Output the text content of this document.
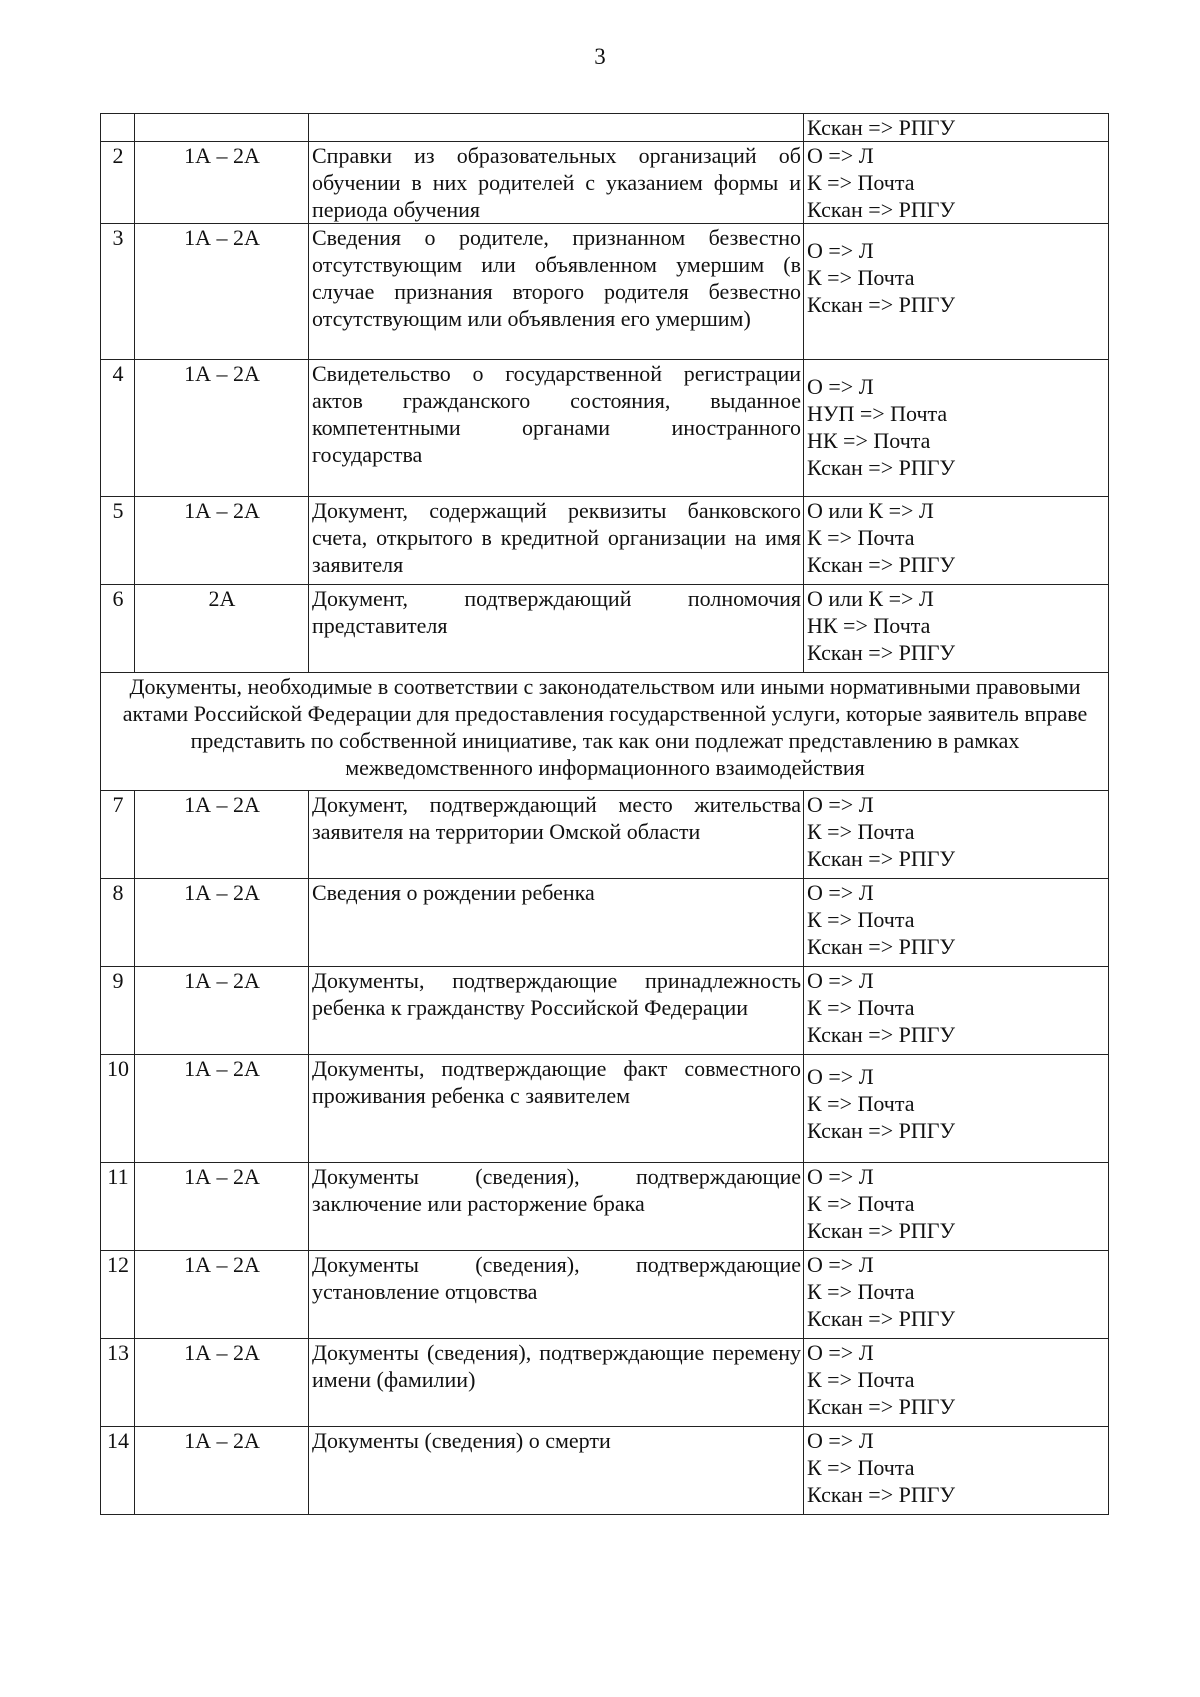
3

			Кскан => РПГУ

2	1А – 2А	Справки из образовательных организаций об обучении в них родителей с указанием формы и периода обучения	О => Л
К => Почта
Кскан => РПГУ

3	1А – 2А	Сведения о родителе, признанном безвестно отсутствующим или объявленном умершим (в случае признания второго родителя безвестно отсутствующим или объявления его умершим)	О => Л
К => Почта
Кскан => РПГУ

4	1А – 2А	Свидетельство о государственной регистрации актов гражданского состояния, выданное компетентными органами иностранного государства	О => Л
НУП => Почта
НК => Почта
Кскан => РПГУ

5	1А – 2А	Документ, содержащий реквизиты банковского счета, открытого в кредитной организации на имя заявителя	О или К => Л
К => Почта
Кскан => РПГУ

6	2А	Документ, подтверждающий полномочия представителя	О или К => Л
НК => Почта
Кскан => РПГУ

Документы, необходимые в соответствии с законодательством или иными нормативными правовыми актами Российской Федерации для предоставления государственной услуги, которые заявитель вправе представить по собственной инициативе, так как они подлежат представлению в рамках межведомственного информационного взаимодействия			
7	1А – 2А	Документ, подтверждающий место жительства заявителя на территории Омской области	О => Л
К => Почта
Кскан => РПГУ

8	1А – 2А	Сведения о рождении ребенка	О => Л
К => Почта
Кскан => РПГУ

9	1А – 2А	Документы, подтверждающие принадлежность ребенка к гражданству Российской Федерации	О => Л
К => Почта
Кскан => РПГУ

10	1А – 2А	Документы, подтверждающие факт совместного проживания ребенка с заявителем	О => Л
К => Почта
Кскан => РПГУ

11	1А – 2А	Документы (сведения), подтверждающие заключение или расторжение брака	О => Л
К => Почта
Кскан => РПГУ

12	1А – 2А	Документы (сведения), подтверждающие установление отцовства	О => Л
К => Почта
Кскан => РПГУ

13	1А – 2А	Документы (сведения), подтверждающие перемену имени (фамилии)	О => Л
К => Почта
Кскан => РПГУ

14	1А – 2А	Документы (сведения) о смерти	О => Л
К => Почта
Кскан => РПГУ
